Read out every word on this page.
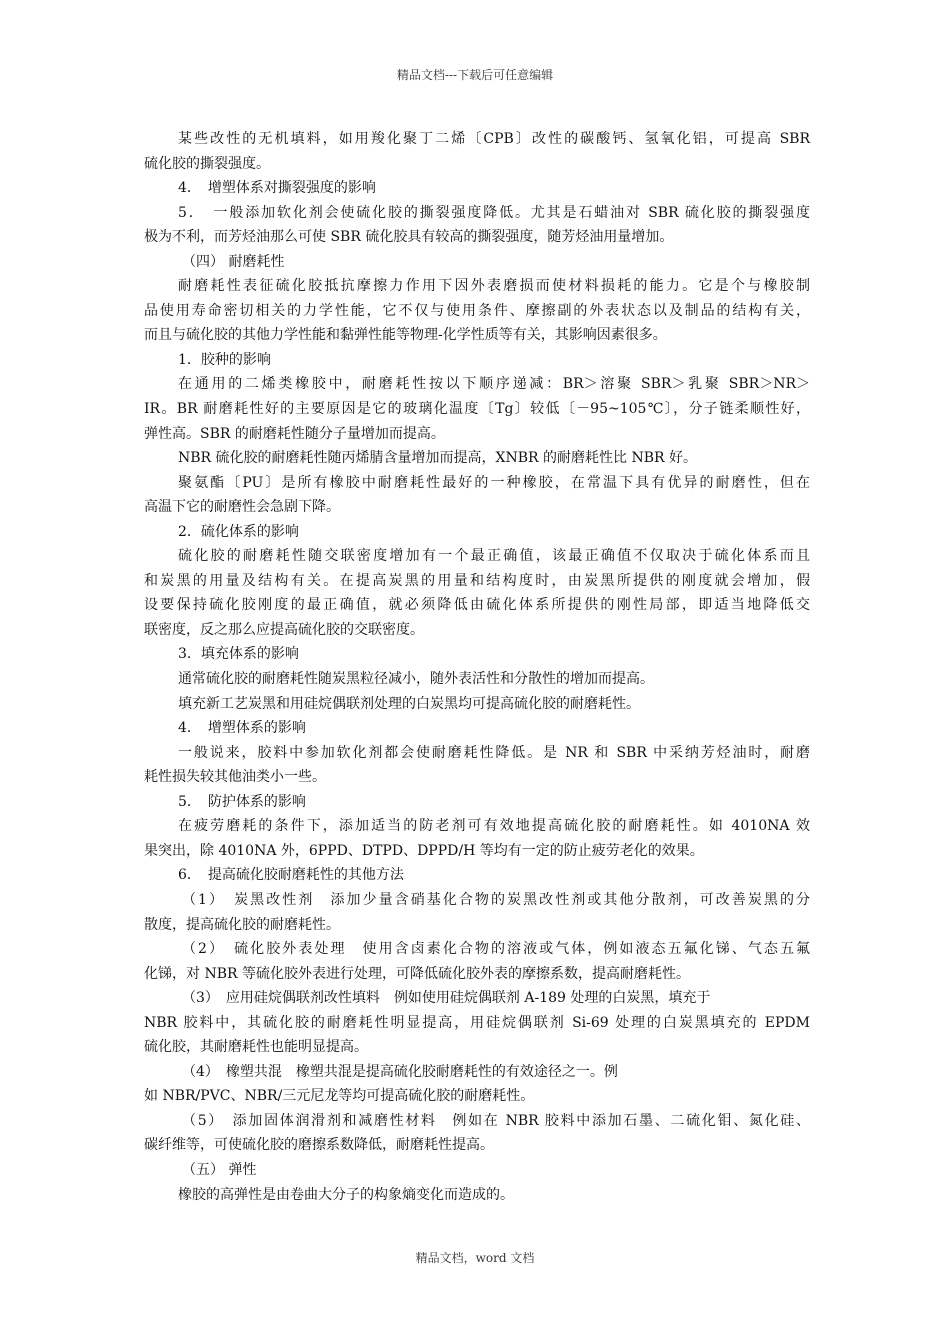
精品文档---下载后可任意编辑
某些改性的无机填料，如用羧化聚丁二烯〔CPB〕改性的碳酸钙、氢氧化铝，可提高 SBR
硫化胶的撕裂强度。
4．　增塑体系对撕裂强度的影响
5．　一般添加软化剂会使硫化胶的撕裂强度降低。尤其是石蜡油对 SBR 硫化胶的撕裂强度
极为不利，而芳烃油那么可使 SBR 硫化胶具有较高的撕裂强度，随芳烃油用量增加。
（四） 耐磨耗性
耐磨耗性表征硫化胶抵抗摩擦力作用下因外表磨损而使材料损耗的能力。它是个与橡胶制
品使用寿命密切相关的力学性能，它不仅与使用条件、摩擦副的外表状态以及制品的结构有关，
而且与硫化胶的其他力学性能和黏弹性能等物理-化学性质等有关，其影响因素很多。
1．胶种的影响
在通用的二烯类橡胶中，耐磨耗性按以下顺序递减：BR＞溶聚 SBR＞乳聚 SBR＞NR＞
IR。BR 耐磨耗性好的主要原因是它的玻璃化温度〔Tg〕较低〔－95~105℃〕，分子链柔顺性好，
弹性高。SBR 的耐磨耗性随分子量增加而提高。
NBR 硫化胶的耐磨耗性随丙烯腈含量增加而提高，XNBR 的耐磨耗性比 NBR 好。
聚氨酯〔PU〕是所有橡胶中耐磨耗性最好的一种橡胶，在常温下具有优异的耐磨性，但在
高温下它的耐磨性会急剧下降。
2．硫化体系的影响
硫化胶的耐磨耗性随交联密度增加有一个最正确值，该最正确值不仅取决于硫化体系而且
和炭黑的用量及结构有关。在提高炭黑的用量和结构度时，由炭黑所提供的刚度就会增加，假
设要保持硫化胶刚度的最正确值，就必须降低由硫化体系所提供的刚性局部，即适当地降低交
联密度，反之那么应提高硫化胶的交联密度。
3．填充体系的影响
通常硫化胶的耐磨耗性随炭黑粒径减小，随外表活性和分散性的增加而提高。
填充新工艺炭黑和用硅烷偶联剂处理的白炭黑均可提高硫化胶的耐磨耗性。
4．　增塑体系的影响
一般说来，胶料中参加软化剂都会使耐磨耗性降低。是 NR 和 SBR 中采纳芳烃油时，耐磨
耗性损失较其他油类小一些。
5．　防护体系的影响
在疲劳磨耗的条件下，添加适当的防老剂可有效地提高硫化胶的耐磨耗性。如 4010NA 效
果突出，除 4010NA 外，6PPD、DTPD、DPPD/H 等均有一定的防止疲劳老化的效果。
6．　提高硫化胶耐磨耗性的其他方法
（1）　炭黑改性剂　添加少量含硝基化合物的炭黑改性剂或其他分散剂，可改善炭黑的分
散度，提高硫化胶的耐磨耗性。
（2）　硫化胶外表处理　使用含卤素化合物的溶液或气体，例如液态五氟化锑、气态五氟
化锑，对 NBR 等硫化胶外表进行处理，可降低硫化胶外表的摩擦系数，提高耐磨耗性。
（3）　应用硅烷偶联剂改性填料　例如使用硅烷偶联剂 A-189 处理的白炭黑，填充于
NBR 胶料中，其硫化胶的耐磨耗性明显提高，用硅烷偶联剂 Si-69 处理的白炭黑填充的 EPDM
硫化胶，其耐磨耗性也能明显提高。
（4）　橡塑共混　橡塑共混是提高硫化胶耐磨耗性的有效途径之一。例
如 NBR/PVC、NBR/三元尼龙等均可提高硫化胶的耐磨耗性。
（5）　添加固体润滑剂和减磨性材料　例如在 NBR 胶料中添加石墨、二硫化钼、氮化硅、
碳纤维等，可使硫化胶的磨擦系数降低，耐磨耗性提高。
（五） 弹性
橡胶的高弹性是由卷曲大分子的构象熵变化而造成的。
精品文档，word 文档
